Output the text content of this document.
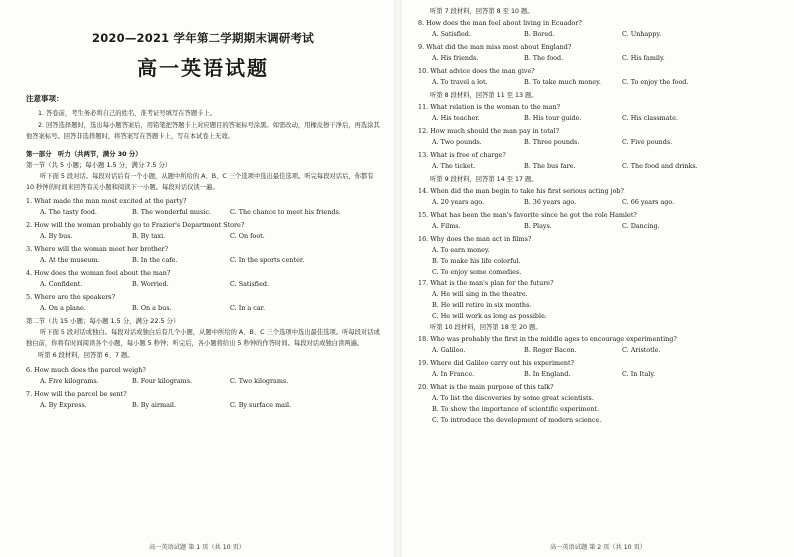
2020—2021 学年第二学期期末调研考试
高一英语试题
注意事项：

1. 答卷前，考生务必将自己的姓名、准考证号填写在答题卡上。

2. 回答选择题时，选出每小题答案后，用铅笔把答题卡上对应题目的答案标号涂黑。如需改动，用橡皮擦干净后，再选涂其他答案标号。回答非选择题时，将答案写在答题卡上，写在本试卷上无效。

第一部分　听力（共两节，满分 30 分）

第一节（共 5 小题；每小题 1.5 分，满分 7.5 分）

听下面 5 段对话。每段对话后有一个小题，从题中所给的 A、B、C 三个选项中选出最佳选项。听完每段对话后，你都有 10 秒钟的时间来回答有关小题和阅读下一小题。每段对话仅读一遍。

1. What made the man most excited at the party?

A. The tasty food.	B. The wonderful music.	C. The chance to meet his friends.

2. How will the woman probably go to Frazier's Department Store?

A. By bus.	B. By taxi.	C. On foot.

3. Where will the woman meet her brother?

A. At the museum.	B. In the cafe.	C. In the sports center.

4. How does the woman feel about the man?

A. Confident.	B. Worried.	C. Satisfied.

5. Where are the speakers?

A. On a plane.	B. On a bus.	C. In a car.

第二节（共 15 小题；每小题 1.5 分，满分 22.5 分）

听下面 5 段对话或独白。每段对话或独白后有几个小题，从题中所给的 A、B、C 三个选项中选出最佳选项。听每段对话或独白前，你将有时间阅读各个小题，每小题 5 秒钟；听完后，各小题将给出 5 秒钟的作答时间。每段对话或独白读两遍。

听第 6 段材料，回答第 6、7 题。

6. How much does the parcel weigh?

A. Five kilograms.	B. Four kilograms.	C. Two kilograms.

7. How will the parcel be sent?

A. By Express.	B. By airmail.	C. By surface mail.
高一英语试题 第 1 页（共 10 页）

听第 7 段材料，回答第 8 至 10 题。

8. How does the man feel about living in Ecuador?

A. Satisfied.	B. Bored.	C. Unhappy.

9. What did the man miss most about England?

A. His friends.	B. The food.	C. His family.

10. What advice does the man give?

A. To travel a lot.	B. To take much money.	C. To enjoy the food.

听第 8 段材料，回答第 11 至 13 题。

11. What relation is the woman to the man?

A. His teacher.	B. His tour guide.	C. His classmate.

12. How much should the man pay in total?

A. Two pounds.	B. Three pounds.	C. Five pounds.

13. What is free of charge?

A. The ticket.	B. The bus fare.	C. The food and drinks.

听第 9 段材料，回答第 14 至 17 题。

14. When did the man begin to take his first serious acting job?

A. 20 years ago.	B. 36 years ago.	C. 66 years ago.

15. What has been the man's favorite since he got the role Hamlet?

A. Films.	B. Plays.	C. Dancing.

16. Why does the man act in films?

A. To earn money.

B. To make his life colorful.

C. To enjoy some comedies.

17. What is the man's plan for the future?

A. He will sing in the theatre.

B. He will retire in six months.

C. He will work as long as possible.

听第 10 段材料，回答第 18 至 20 题。

18. Who was probably the first in the middle ages to encourage experimenting?

A. Galileo.	B. Roger Bacon.	C. Aristotle.

19. Where did Galileo carry out his experiment?

A. In France.	B. In England.	C. In Italy.

20. What is the main purpose of this talk?

A. To list the discoveries by some great scientists.

B. To show the importance of scientific experiment.

C. To introduce the development of modern science.

高一英语试题 第 2 页（共 10 页）
